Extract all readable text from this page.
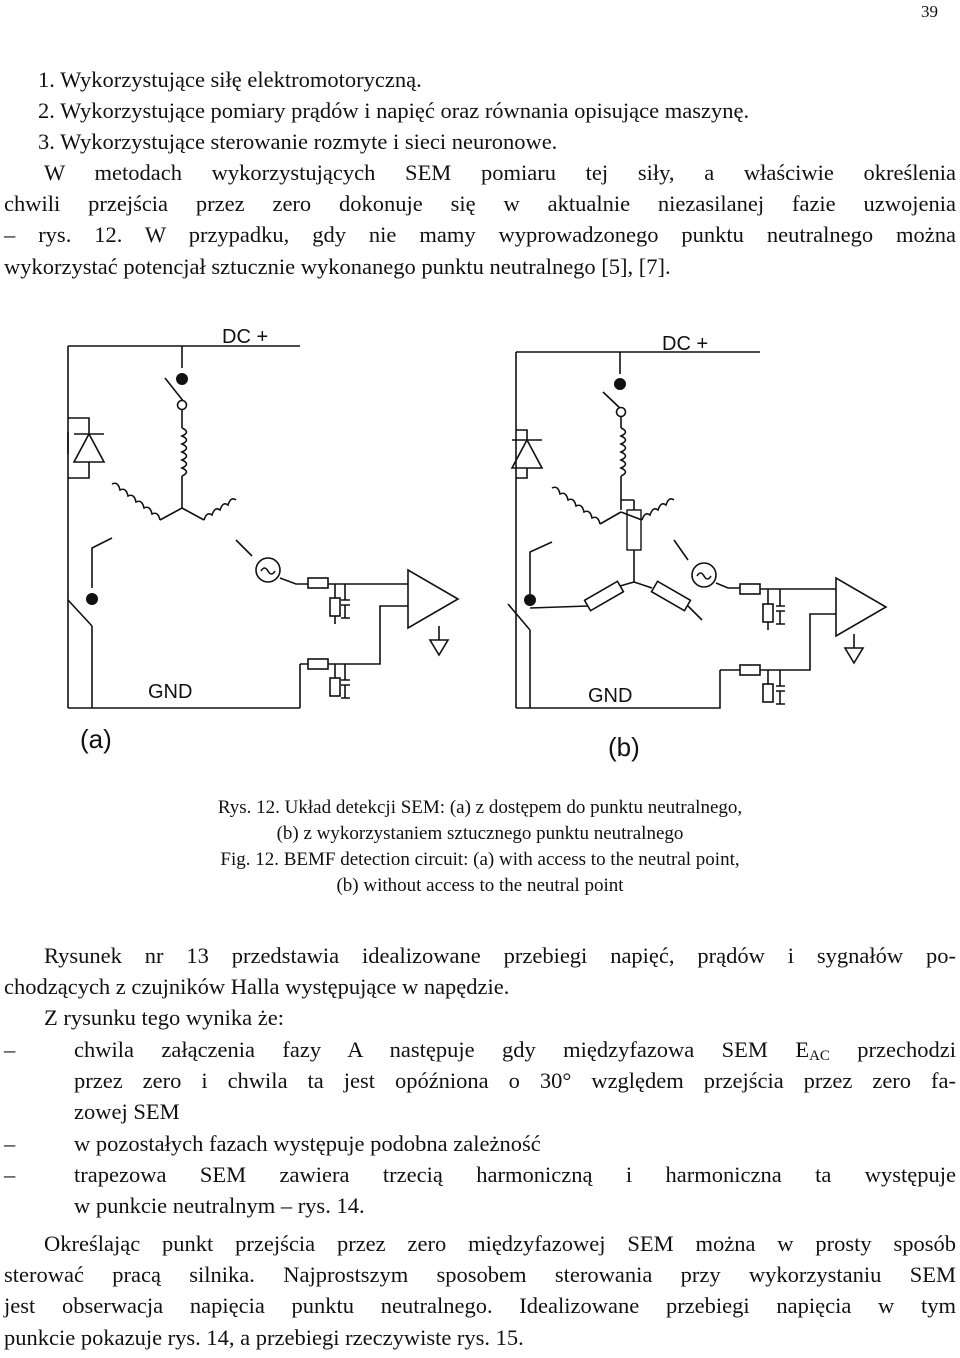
39
1. Wykorzystujące siłę elektromotoryczną.
2. Wykorzystujące pomiary prądów i napięć oraz równania opisujące maszynę.
3. Wykorzystujące sterowanie rozmyte i sieci neuronowe.
W metodach wykorzystujących SEM pomiaru tej siły, a właściwie określenia
chwili przejścia przez zero dokonuje się w aktualnie niezasilanej fazie uzwojenia
– rys. 12. W przypadku, gdy nie mamy wyprowadzonego punktu neutralnego można
wykorzystać potencjał sztucznie wykonanego punktu neutralnego [5], [7].
DC +	DC +
GND	GND
(a)	(b)
Rys. 12. Układ detekcji SEM: (a) z dostępem do punktu neutralnego,
(b) z wykorzystaniem sztucznego punktu neutralnego
Fig. 12. BEMF detection circuit: (a) with access to the neutral point,
(b) without access to the neutral point
Rysunek nr 13 przedstawia idealizowane przebiegi napięć, prądów i sygnałów po-
chodzących z czujników Halla występujące w napędzie.
Z rysunku tego wynika że:
–	chwila załączenia fazy A następuje gdy międzyfazowa SEM $E_{AC}$ przechodzi
przez zero i chwila ta jest opóźniona o 30° względem przejścia przez zero fa-
zowej SEM
–	w pozostałych fazach występuje podobna zależność
–	trapezowa SEM zawiera trzecią harmoniczną i harmoniczna ta występuje
w punkcie neutralnym – rys. 14.
Określając punkt przejścia przez zero międzyfazowej SEM można w prosty sposób
sterować pracą silnika. Najprostszym sposobem sterowania przy wykorzystaniu SEM
jest obserwacja napięcia punktu neutralnego. Idealizowane przebiegi napięcia w tym
punkcie pokazuje rys. 14, a przebiegi rzeczywiste rys. 15.
